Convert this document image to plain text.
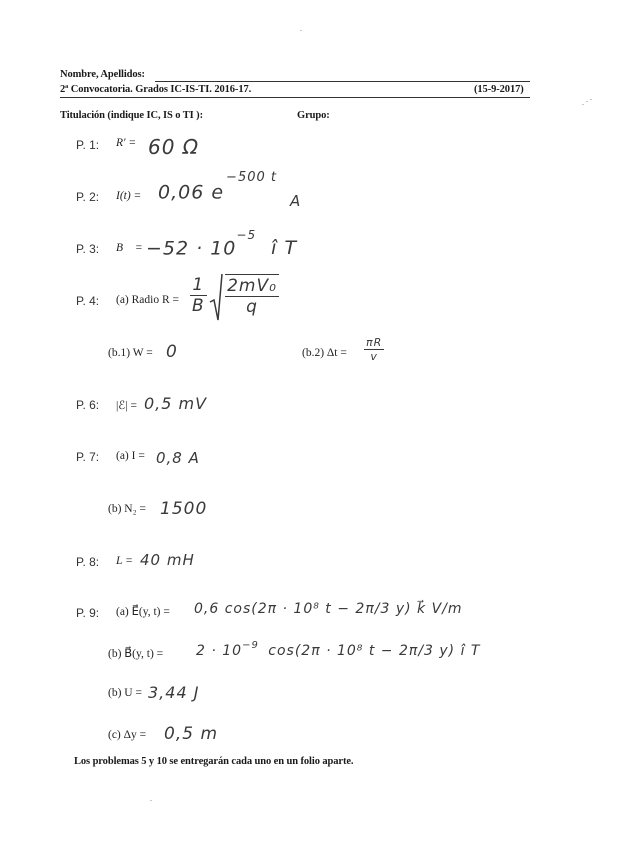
Nombre, Apellidos:
2ª Convocatoria. Grados IC-IS-TI. 2016-17.	(15-9-2017)
Titulación (indique IC, IS o TI ):	Grupo:
P. 1: R′ = 60 Ω
P. 2: I(t) = 0,06 $e^{-500 t}$ $_A$
P. 3: B⃗ = $-52 \cdot 10^{-5}$ î T
P. 4: (a) Radio $R = \frac{1}{B}$
$\frac{\text{2mV₀}}{q}$
(b.1) W = 0	(b.2) $\Delta t = \frac{\pi R}{v}$
P. 6: |ℰ| = 0,5 mV
P. 7: (a) I = 0,8 A
(b) N₂ = 1500
P. 8: L = 40 mH
P. 9: (a) E⃗(y, t) = 0,6 cos(2π · 10⁸ t − 2π/3 y) k⃗ V/m
(b) B⃗(y, $t) = 2 \cdot 10^{-9}$ cos(2π · 10⁸ t − 2π/3 y) î T
(b) U = 3,44 J
(c) Δy = 0,5 m
Los problemas 5 y 10 se entregarán cada uno en un folio aparte.
